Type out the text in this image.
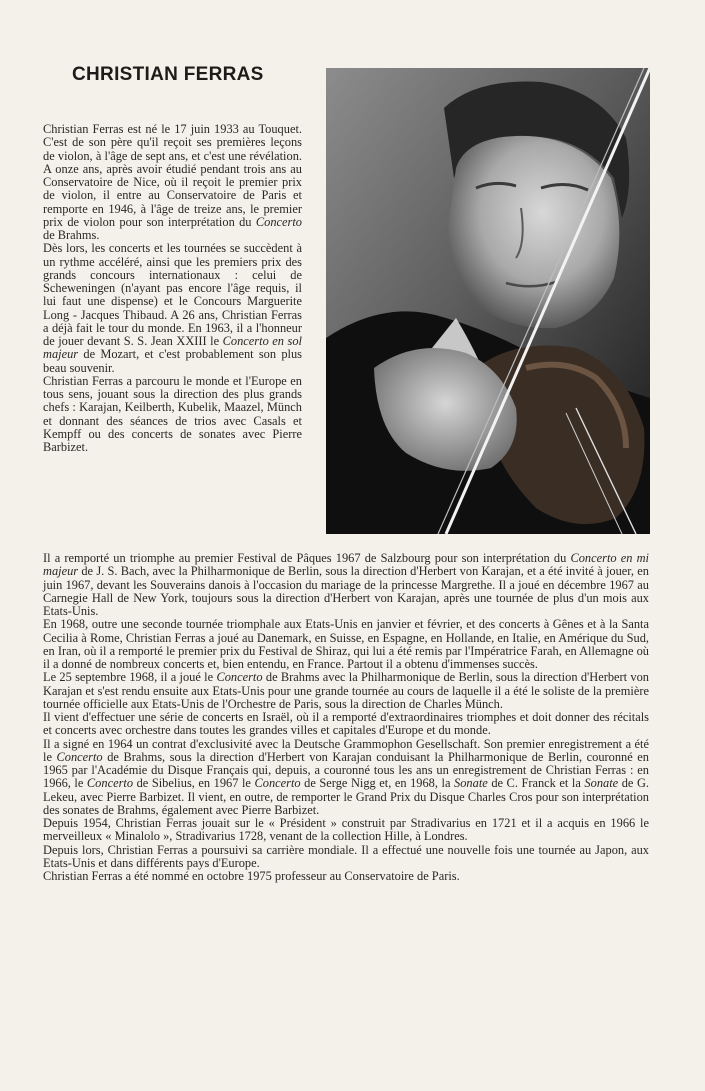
CHRISTIAN FERRAS

Christian Ferras est né le 17 juin 1933 au Touquet. C'est de son père qu'il reçoit ses premières leçons de violon, à l'âge de sept ans, et c'est une révélation. A onze ans, après avoir étudié pendant trois ans au Conservatoire de Nice, où il reçoit le premier prix de violon, il entre au Conservatoire de Paris et remporte en 1946, à l'âge de treize ans, le premier prix de violon pour son interprétation du Concerto de Brahms.

Dès lors, les concerts et les tournées se succèdent à un rythme accéléré, ainsi que les premiers prix des grands concours internationaux : celui de Scheweningen (n'ayant pas encore l'âge requis, il lui faut une dispense) et le Concours Marguerite Long - Jacques Thibaud. A 26 ans, Christian Ferras a déjà fait le tour du monde. En 1963, il a l'honneur de jouer devant S. S. Jean XXIII le Concerto en sol majeur de Mozart, et c'est probablement son plus beau souvenir.

Christian Ferras a parcouru le monde et l'Europe en tous sens, jouant sous la direction des plus grands chefs : Karajan, Keilberth, Kubelik, Maazel, Münch et donnant des séances de trios avec Casals et Kempff ou des concerts de sonates avec Pierre Barbizet.

Il a remporté un triomphe au premier Festival de Pâques 1967 de Salzbourg pour son interprétation du Concerto en mi majeur de J. S. Bach, avec la Philharmonique de Berlin, sous la direction d'Herbert von Karajan, et a été invité à jouer, en juin 1967, devant les Souverains danois à l'occasion du mariage de la princesse Margrethe. Il a joué en décembre 1967 au Carnegie Hall de New York, toujours sous la direction d'Herbert von Karajan, après une tournée de plus d'un mois aux Etats-Unis.

En 1968, outre une seconde tournée triomphale aux Etats-Unis en janvier et février, et des concerts à Gênes et à la Santa Cecilia à Rome, Christian Ferras a joué au Danemark, en Suisse, en Espagne, en Hollande, en Italie, en Amérique du Sud, en Iran, où il a remporté le premier prix du Festival de Shiraz, qui lui a été remis par l'Impératrice Farah, en Allemagne où il a donné de nombreux concerts et, bien entendu, en France. Partout il a obtenu d'immenses succès.

Le 25 septembre 1968, il a joué le Concerto de Brahms avec la Philharmonique de Berlin, sous la direction d'Herbert von Karajan et s'est rendu ensuite aux Etats-Unis pour une grande tournée au cours de laquelle il a été le soliste de la première tournée officielle aux Etats-Unis de l'Orchestre de Paris, sous la direction de Charles Münch.

Il vient d'effectuer une série de concerts en Israël, où il a remporté d'extraordinaires triomphes et doit donner des récitals et concerts avec orchestre dans toutes les grandes villes et capitales d'Europe et du monde.

Il a signé en 1964 un contrat d'exclusivité avec la Deutsche Grammophon Gesellschaft. Son premier enregistrement a été le Concerto de Brahms, sous la direction d'Herbert von Karajan conduisant la Philharmonique de Berlin, couronné en 1965 par l'Académie du Disque Français qui, depuis, a couronné tous les ans un enregistrement de Christian Ferras : en 1966, le Concerto de Sibelius, en 1967 le Concerto de Serge Nigg et, en 1968, la Sonate de C. Franck et la Sonate de G. Lekeu, avec Pierre Barbizet. Il vient, en outre, de remporter le Grand Prix du Disque Charles Cros pour son interprétation des sonates de Brahms, également avec Pierre Barbizet.

Depuis 1954, Christian Ferras jouait sur le « Président » construit par Stradivarius en 1721 et il a acquis en 1966 le merveilleux « Minalolo », Stradivarius 1728, venant de la collection Hille, à Londres.

Depuis lors, Christian Ferras a poursuivi sa carrière mondiale. Il a effectué une nouvelle fois une tournée au Japon, aux Etats-Unis et dans différents pays d'Europe.

Christian Ferras a été nommé en octobre 1975 professeur au Conservatoire de Paris.
